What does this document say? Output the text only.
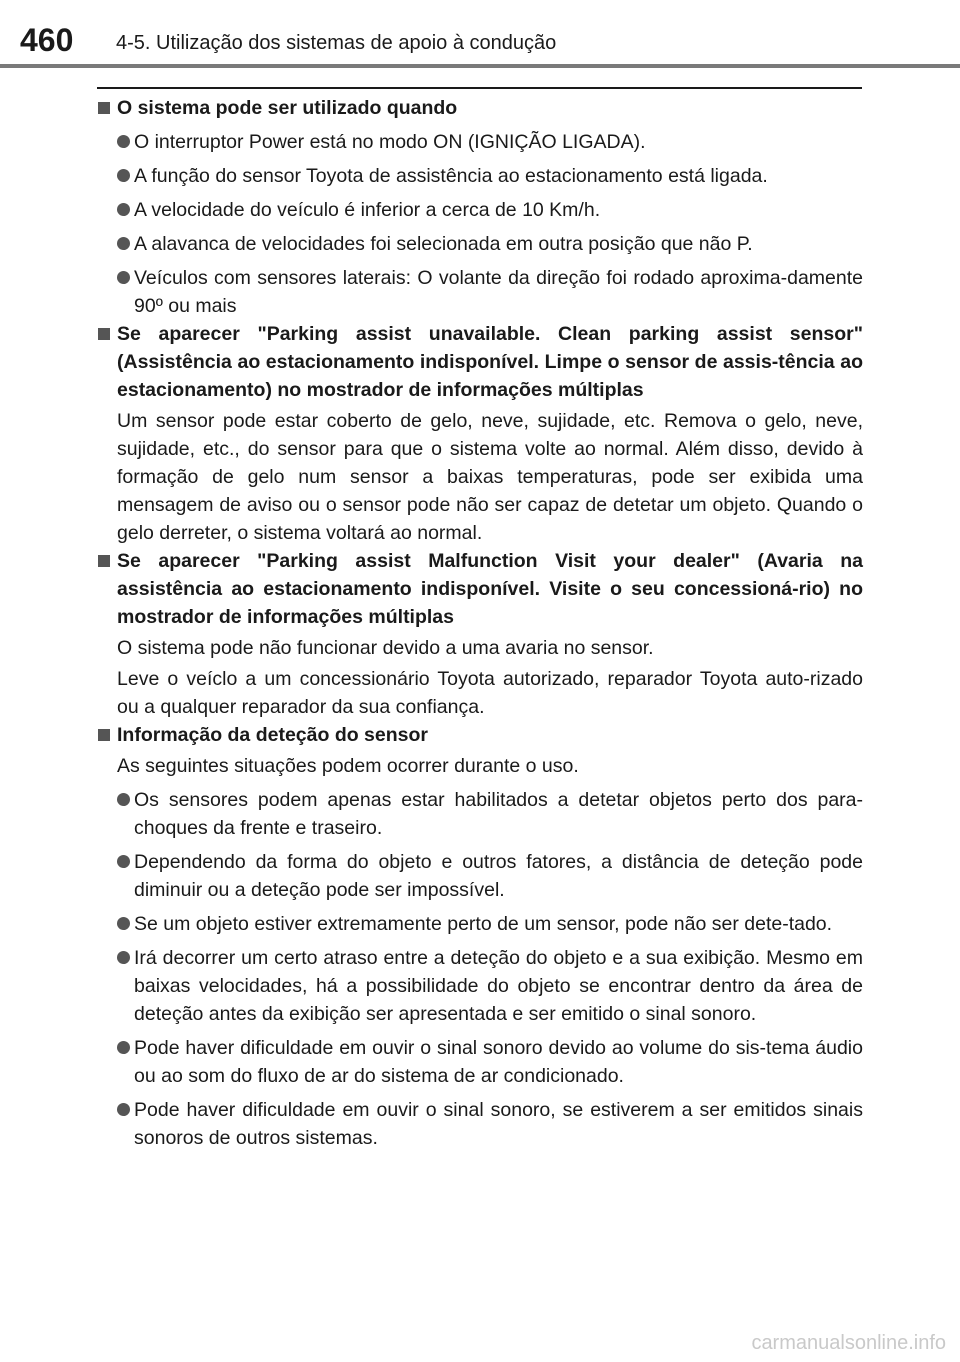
460 4-5. Utilização dos sistemas de apoio à condução
O sistema pode ser utilizado quando
O interruptor Power está no modo ON (IGNIÇÃO LIGADA).
A função do sensor Toyota de assistência ao estacionamento está ligada.
A velocidade do veículo é inferior a cerca de 10 Km/h.
A alavanca de velocidades foi selecionada em outra posição que não P.
Veículos com sensores laterais: O volante da direção foi rodado aproxima-damente 90º ou mais
Se aparecer "Parking assist unavailable. Clean parking assist sensor" (Assistência ao estacionamento indisponível. Limpe o sensor de assis-tência ao estacionamento) no mostrador de informações múltiplas
Um sensor pode estar coberto de gelo, neve, sujidade, etc. Remova o gelo, neve, sujidade, etc., do sensor para que o sistema volte ao normal. Além disso, devido à formação de gelo num sensor a baixas temperaturas, pode ser exibida uma mensagem de aviso ou o sensor pode não ser capaz de detetar um objeto. Quando o gelo derreter, o sistema voltará ao normal.
Se aparecer "Parking assist Malfunction Visit your dealer" (Avaria na assistência ao estacionamento indisponível. Visite o seu concessioná-rio) no mostrador de informações múltiplas
O sistema pode não funcionar devido a uma avaria no sensor.
Leve o veíclo a um concessionário Toyota autorizado, reparador Toyota auto-rizado ou a qualquer reparador da sua confiança.
Informação da deteção do sensor
As seguintes situações podem ocorrer durante o uso.
Os sensores podem apenas estar habilitados a detetar objetos perto dos para-choques da frente e traseiro.
Dependendo da forma do objeto e outros fatores, a distância de deteção pode diminuir ou a deteção pode ser impossível.
Se um objeto estiver extremamente perto de um sensor, pode não ser dete-tado.
Irá decorrer um certo atraso entre a deteção do objeto e a sua exibição. Mesmo em baixas velocidades, há a possibilidade do objeto se encontrar dentro da área de deteção antes da exibição ser apresentada e ser emitido o sinal sonoro.
Pode haver dificuldade em ouvir o sinal sonoro devido ao volume do sis-tema áudio ou ao som do fluxo de ar do sistema de ar condicionado.
Pode haver dificuldade em ouvir o sinal sonoro, se estiverem a ser emitidos sinais sonoros de outros sistemas.
carmanualsonline.info
